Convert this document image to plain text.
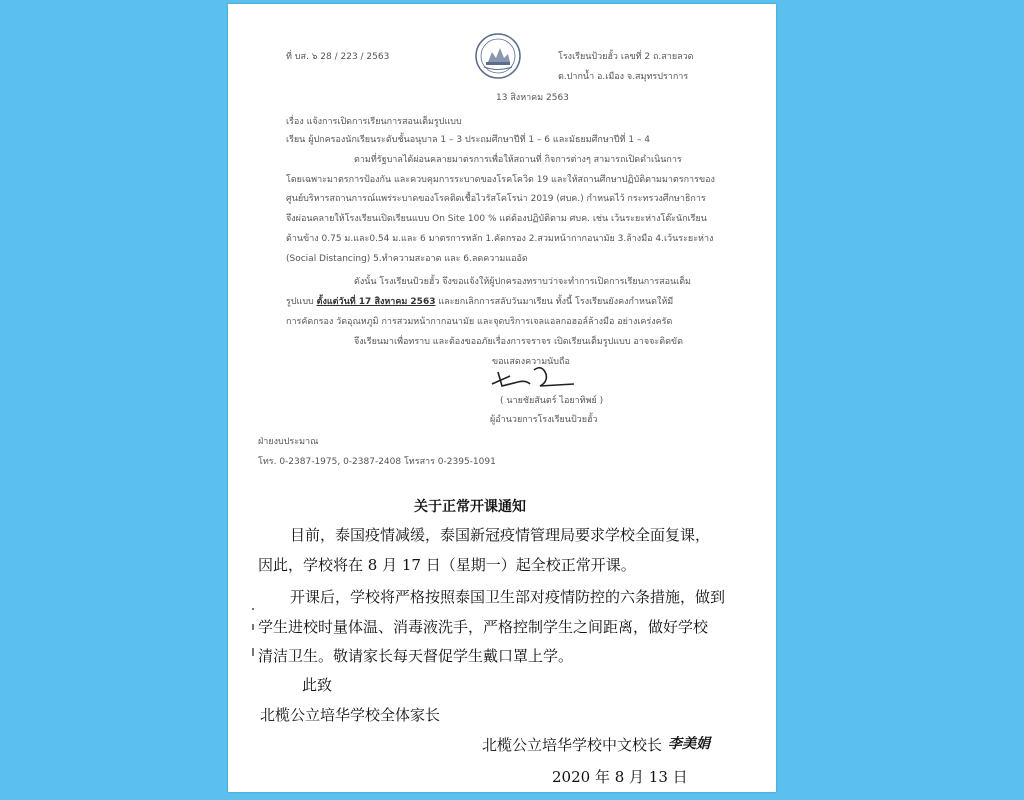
ที่ บส. ๖ 28 / 223 / 2563	โรงเรียนป้วยฮั้ว เลขที่ 2 ถ.สายลวด
ต.ปากน้ำ อ.เมือง จ.สมุทรปราการ
13 สิงหาคม 2563
เรื่อง แจ้งการเปิดการเรียนการสอนเต็มรูปแบบ
เรียน ผู้ปกครองนักเรียนระดับชั้นอนุบาล 1 – 3 ประถมศึกษาปีที่ 1 – 6 และมัธยมศึกษาปีที่ 1 – 4
ตามที่รัฐบาลได้ผ่อนคลายมาตรการเพื่อให้สถานที่ กิจการต่างๆ สามารถเปิดดำเนินการ
โดยเฉพาะมาตรการป้องกัน และควบคุมการระบาดของโรคโควิด 19 และให้สถานศึกษาปฏิบัติตามมาตรการของ
ศูนย์บริหารสถานการณ์แพร่ระบาดของโรคติดเชื้อไวรัสโคโรน่า 2019 (ศบค.) กำหนดไว้ กระทรวงศึกษาธิการ
จึงผ่อนคลายให้โรงเรียนเปิดเรียนแบบ On Site 100 % แต่ต้องปฏิบัติตาม ศบค. เช่น เว้นระยะห่างโต๊ะนักเรียน
ด้านข้าง 0.75 ม.และ0.54 ม.และ 6 มาตรการหลัก 1.คัดกรอง 2.สวมหน้ากากอนามัย 3.ล้างมือ 4.เว้นระยะห่าง
(Social Distancing) 5.ทำความสะอาด และ 6.ลดความแออัด
ดังนั้น โรงเรียนป้วยฮั้ว จึงขอแจ้งให้ผู้ปกครองทราบว่าจะทำการเปิดการเรียนการสอนเต็ม
รูปแบบ ตั้งแต่วันที่ 17 สิงหาคม 2563 และยกเลิกการสลับวันมาเรียน ทั้งนี้ โรงเรียนยังคงกำหนดให้มี
การคัดกรอง วัดอุณหภูมิ การสวมหน้ากากอนามัย และจุดบริการเจลแอลกอฮอล์ล้างมือ อย่างเคร่งครัด
จึงเรียนมาเพื่อทราบ และต้องขออภัยเรื่องการจราจร เปิดเรียนเต็มรูปแบบ อาจจะติดขัด
ขอแสดงความนับถือ
( นายชัยสันตร์ ไอยาทิพย์ )
ผู้อำนวยการโรงเรียนป้วยฮั้ว
ฝ่ายงบประมาณ
โทร. 0-2387-1975, 0-2387-2408 โทรสาร 0-2395-1091
关于正常开课通知
目前，泰国疫情减缓，泰国新冠疫情管理局要求学校全面复课，
因此，学校将在 8 月 17 日（星期一）起全校正常开课。
开课后，学校将严格按照泰国卫生部对疫情防控的六条措施，做到
学生进校时量体温、消毒液洗手，严格控制学生之间距离，做好学校
清洁卫生。敬请家长每天督促学生戴口罩上学。
此致
北榄公立培华学校全体家长
北榄公立培华学校中文校长 李美娟
2020 年 8 月 13 日
